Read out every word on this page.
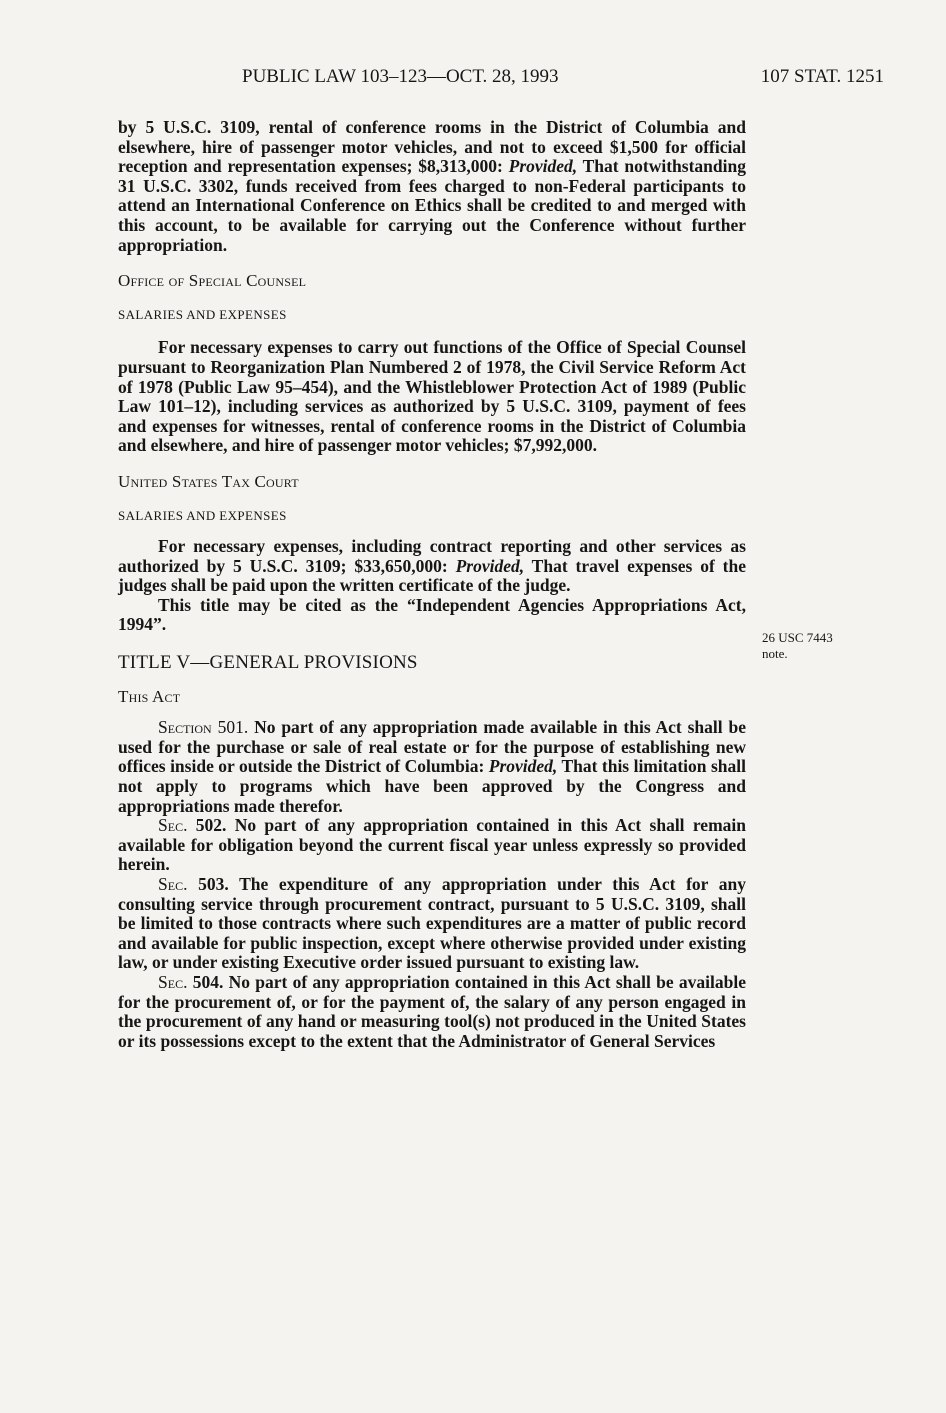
PUBLIC LAW 103–123—OCT. 28, 1993	107 STAT. 1251

by 5 U.S.C. 3109, rental of conference rooms in the District of Columbia and elsewhere, hire of passenger motor vehicles, and not to exceed $1,500 for official reception and representation expenses; $8,313,000: Provided, That notwithstanding 31 U.S.C. 3302, funds received from fees charged to non-Federal participants to attend an International Conference on Ethics shall be credited to and merged with this account, to be available for carrying out the Conference without further appropriation.

Office of Special Counsel

SALARIES AND EXPENSES

For necessary expenses to carry out functions of the Office of Special Counsel pursuant to Reorganization Plan Numbered 2 of 1978, the Civil Service Reform Act of 1978 (Public Law 95–454), and the Whistleblower Protection Act of 1989 (Public Law 101–12), including services as authorized by 5 U.S.C. 3109, payment of fees and expenses for witnesses, rental of conference rooms in the District of Columbia and elsewhere, and hire of passenger motor vehicles; $7,992,000.

United States Tax Court

SALARIES AND EXPENSES

For necessary expenses, including contract reporting and other services as authorized by 5 U.S.C. 3109; $33,650,000: Provided, That travel expenses of the judges shall be paid upon the written certificate of the judge.

This title may be cited as the “Independent Agencies Appropriations Act, 1994”.

TITLE V—GENERAL PROVISIONS

This Act

Section 501. No part of any appropriation made available in this Act shall be used for the purchase or sale of real estate or for the purpose of establishing new offices inside or outside the District of Columbia: Provided, That this limitation shall not apply to programs which have been approved by the Congress and appropriations made therefor.

Sec. 502. No part of any appropriation contained in this Act shall remain available for obligation beyond the current fiscal year unless expressly so provided herein.

Sec. 503. The expenditure of any appropriation under this Act for any consulting service through procurement contract, pursuant to 5 U.S.C. 3109, shall be limited to those contracts where such expenditures are a matter of public record and available for public inspection, except where otherwise provided under existing law, or under existing Executive order issued pursuant to existing law.

Sec. 504. No part of any appropriation contained in this Act shall be available for the procurement of, or for the payment of, the salary of any person engaged in the procurement of any hand or measuring tool(s) not produced in the United States or its possessions except to the extent that the Administrator of General Services

26 USC 7443
note.
